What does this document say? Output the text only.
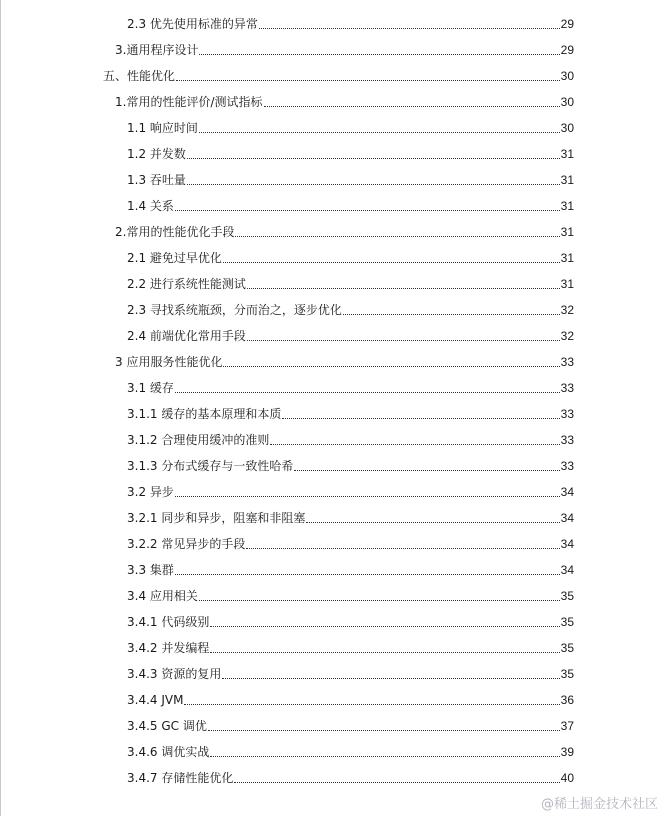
2.3 优先使用标准的异常	29
3.通用程序设计	29
五、性能优化	30
1.常用的性能评价/测试指标	30
1.1 响应时间	30
1.2 并发数	31
1.3 吞吐量	31
1.4 关系	31
2.常用的性能优化手段	31
2.1 避免过早优化	31
2.2 进行系统性能测试	31
2.3 寻找系统瓶颈，分而治之，逐步优化	32
2.4 前端优化常用手段	32
3 应用服务性能优化	33
3.1 缓存	33
3.1.1 缓存的基本原理和本质	33
3.1.2 合理使用缓冲的准则	33
3.1.3 分布式缓存与一致性哈希	33
3.2 异步	34
3.2.1 同步和异步，阻塞和非阻塞	34
3.2.2 常见异步的手段	34
3.3 集群	34
3.4 应用相关	35
3.4.1 代码级别	35
3.4.2 并发编程	35
3.4.3 资源的复用	35
3.4.4 JVM	36
3.4.5 GC 调优	37
3.4.6 调优实战	39
3.4.7 存储性能优化	40
@稀土掘金技术社区
